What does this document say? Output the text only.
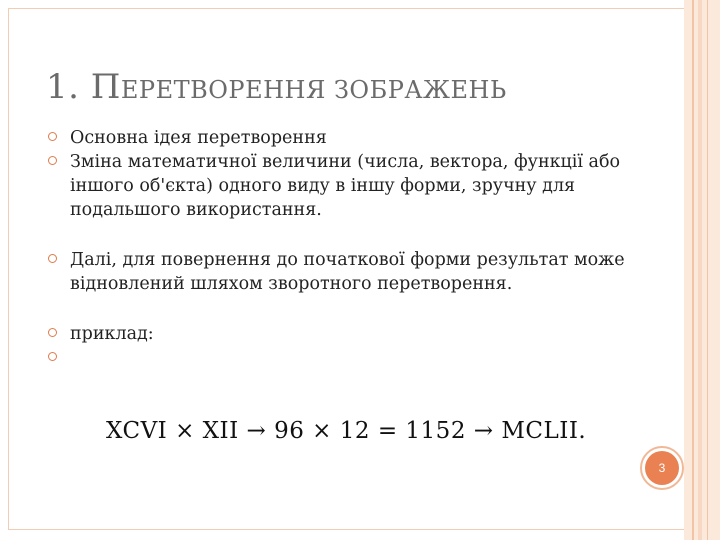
1. ПЕРЕТВОРЕННЯ ЗОБРАЖЕНЬ
Основна ідея перетворення
Зміна математичної величини (числа, вектора, функції або іншого об'єкта) одного виду в іншу форми, зручну для подальшого використання.
Далі, для повернення до початкової форми результат може відновлений шляхом зворотного перетворення.
приклад:

XCVI × XII → 96 × 12 = 1152 → MCLII.
3
